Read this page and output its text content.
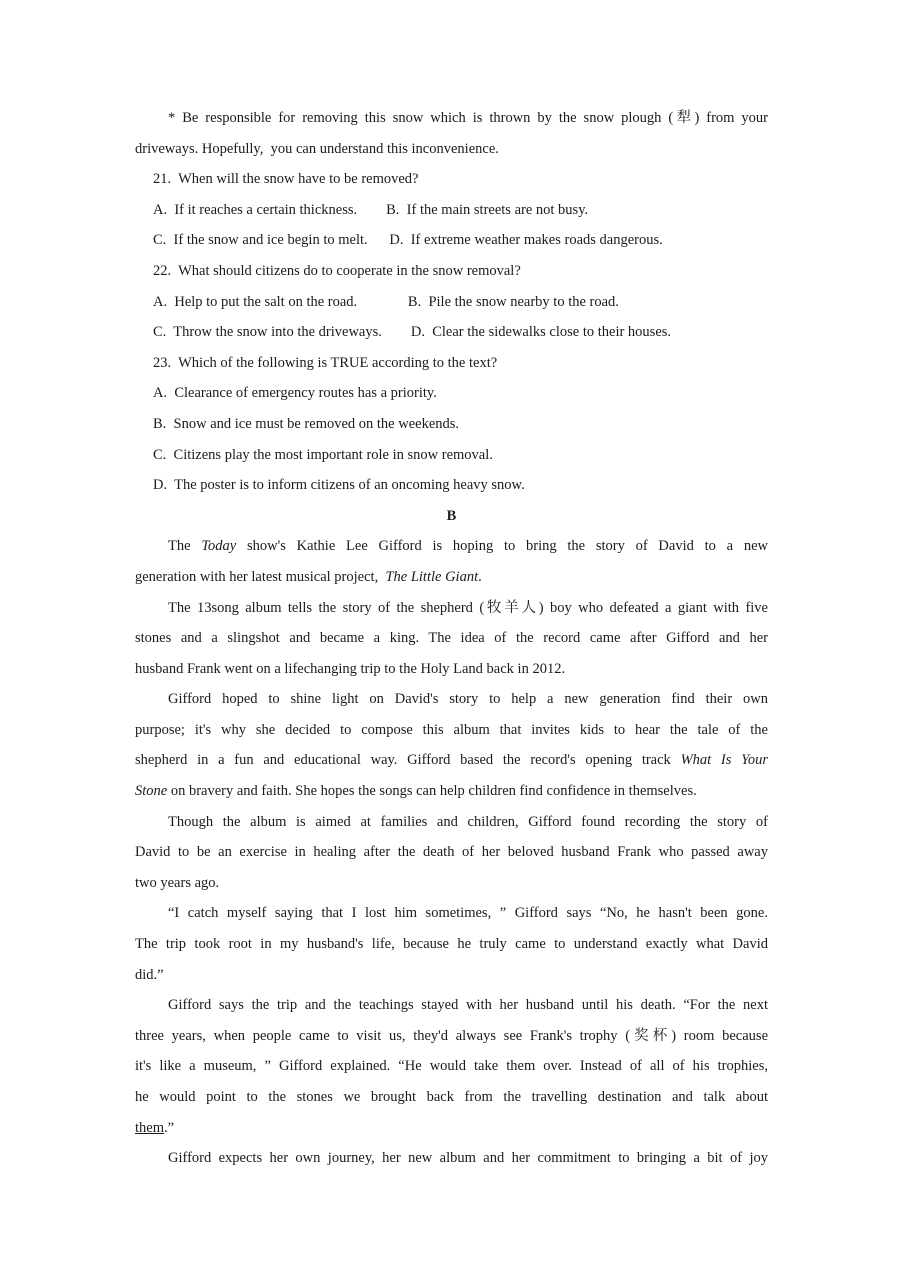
* Be responsible for removing this snow which is thrown by the snow plough (犁) from your
driveways. Hopefully,  you can understand this inconvenience.
21.  When will the snow have to be removed?
A.  If it reaches a certain thickness.        B.  If the main streets are not busy.
C.  If the snow and ice begin to melt.      D.  If extreme weather makes roads dangerous.
22.  What should citizens do to cooperate in the snow removal?
A.  Help to put the salt on the road.              B.  Pile the snow nearby to the road.
C.  Throw the snow into the driveways.        D.  Clear the sidewalks close to their houses.
23.  Which of the following is TRUE according to the text?
A.  Clearance of emergency routes has a priority.
B.  Snow and ice must be removed on the weekends.
C.  Citizens play the most important role in snow removal.
D.  The poster is to inform citizens of an oncoming heavy snow.
B
The Today show's Kathie Lee Gifford is hoping to bring the story of David to a new
generation with her latest musical project,  The Little Giant.
The 13song album tells the story of the shepherd (牧羊人) boy who defeated a giant with five
stones and a slingshot and became a king. The idea of the record came after Gifford and her
husband Frank went on a lifechanging trip to the Holy Land back in 2012.
Gifford hoped to shine light on David's story to help a new generation find their own
purpose; it's why she decided to compose this album that invites kids to hear the tale of the
shepherd in a fun and educational way. Gifford based the record's opening track What Is Your
Stone on bravery and faith. She hopes the songs can help children find confidence in themselves.
Though the album is aimed at families and children, Gifford found recording the story of
David to be an exercise in healing after the death of her beloved husband Frank who passed away
two years ago.
“I catch myself saying that I lost him sometimes, ” Gifford says “No, he hasn't been gone.
The trip took root in my husband's life, because he truly came to understand exactly what David
did.”
Gifford says the trip and the teachings stayed with her husband until his death. “For the next
three years, when people came to visit us, they'd always see Frank's trophy (奖杯) room because
it's like a museum, ” Gifford explained. “He would take them over. Instead of all of his trophies,
he would point to the stones we brought back from the travelling destination and talk about
them.”
Gifford expects her own journey, her new album and her commitment to bringing a bit of joy
